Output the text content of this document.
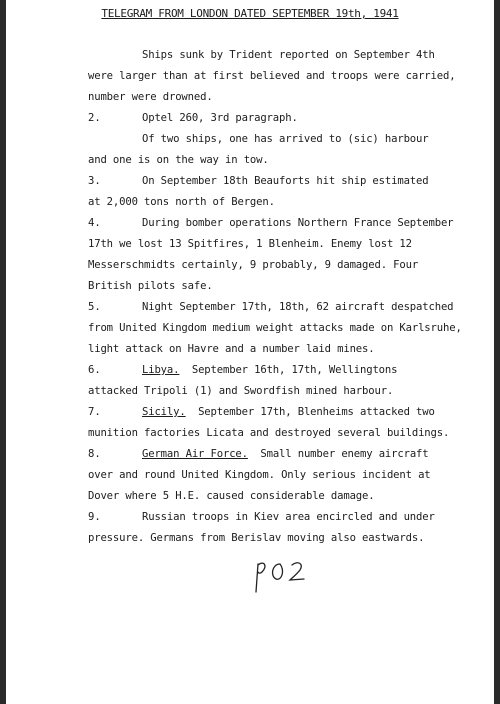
TELEGRAM FROM LONDON DATED SEPTEMBER 19th, 1941
Ships sunk by Trident reported on September 4th
were larger than at first believed and troops were carried,
number were drowned.
2.	Optel 260, 3rd paragraph.
Of two ships, one has arrived to (sic) harbour
and one is on the way in tow.
3.	On September 18th Beauforts hit ship estimated
at 2,000 tons north of Bergen.
4.	During bomber operations Northern France September
17th we lost 13 Spitfires, 1 Blenheim. Enemy lost 12
Messerschmidts certainly, 9 probably, 9 damaged. Four
British pilots safe.
5.	Night September 17th, 18th, 62 aircraft despatched
from United Kingdom medium weight attacks made on Karlsruhe,
light attack on Havre and a number laid mines.
6.	Libya. September 16th, 17th, Wellingtons
attacked Tripoli (1) and Swordfish mined harbour.
7.	Sicily. September 17th, Blenheims attacked two
munition factories Licata and destroyed several buildings.
8.	German Air Force. Small number enemy aircraft
over and round United Kingdom. Only serious incident at
Dover where 5 H.E. caused considerable damage.
9.	Russian troops in Kiev area encircled and under
pressure. Germans from Berislav moving also eastwards.
